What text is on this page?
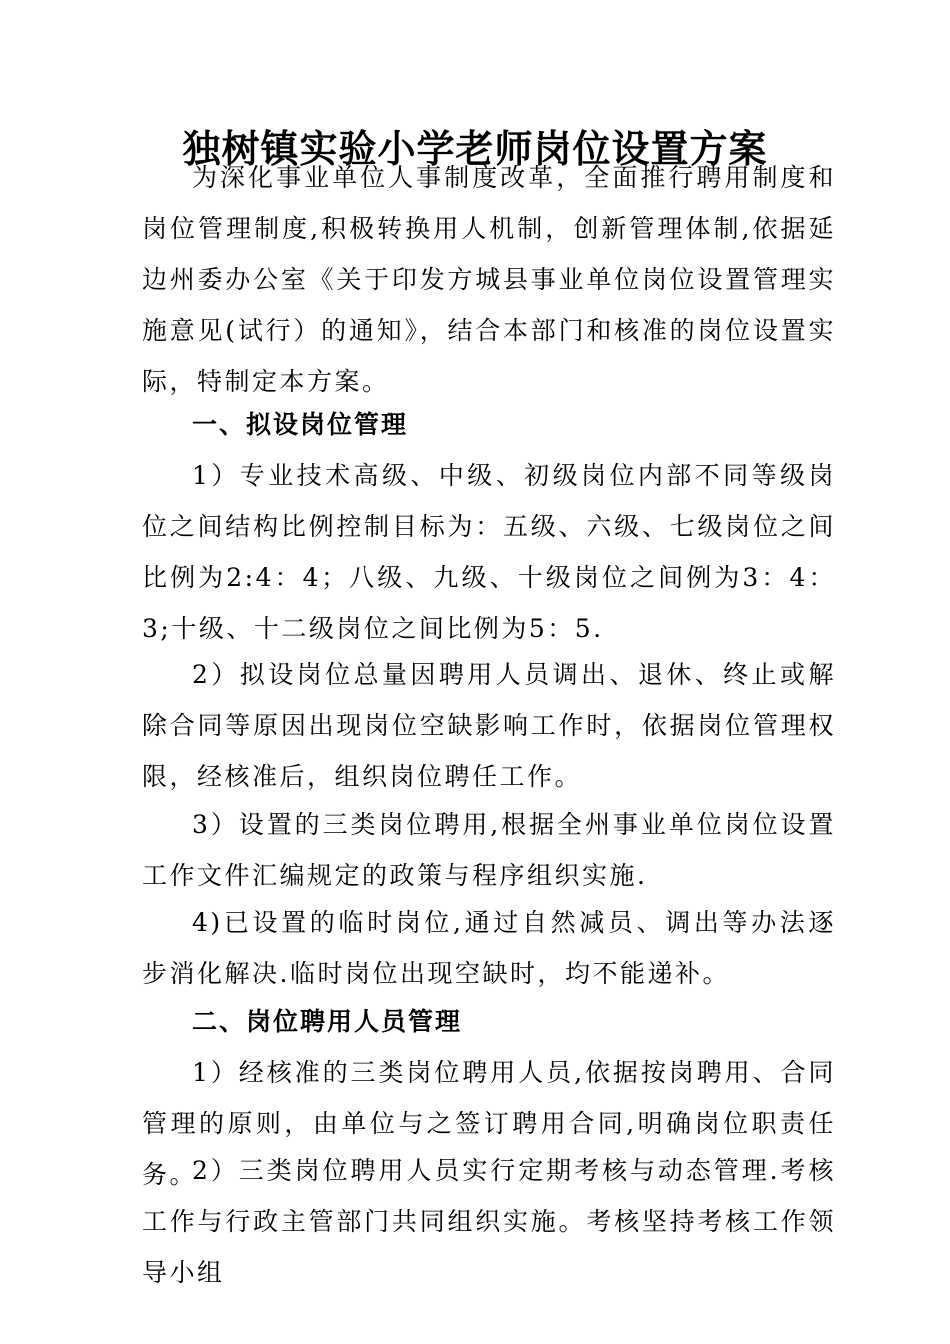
独树镇实验小学老师岗位设置方案

为深化事业单位人事制度改革，全面推行聘用制度和岗位管理制度,积极转换用人机制，创新管理体制,依据延边州委办公室《关于印发方城县事业单位岗位设置管理实施意见(试行）的通知》，结合本部门和核准的岗位设置实际，特制定本方案。

一、拟设岗位管理

1）专业技术高级、中级、初级岗位内部不同等级岗位之间结构比例控制目标为：五级、六级、七级岗位之间比例为2:4：4；八级、九级、十级岗位之间例为3：4：3;十级、十二级岗位之间比例为5：5.

2）拟设岗位总量因聘用人员调出、退休、终止或解除合同等原因出现岗位空缺影响工作时，依据岗位管理权限，经核准后，组织岗位聘任工作。

3）设置的三类岗位聘用,根据全州事业单位岗位设置工作文件汇编规定的政策与程序组织实施.

4)已设置的临时岗位,通过自然减员、调出等办法逐步消化解决.临时岗位出现空缺时，均不能递补。

二、岗位聘用人员管理

1）经核准的三类岗位聘用人员,依据按岗聘用、合同管理的原则，由单位与之签订聘用合同,明确岗位职责任务。

2）三类岗位聘用人员实行定期考核与动态管理.考核工作与行政主管部门共同组织实施。考核坚持考核工作领导小组
